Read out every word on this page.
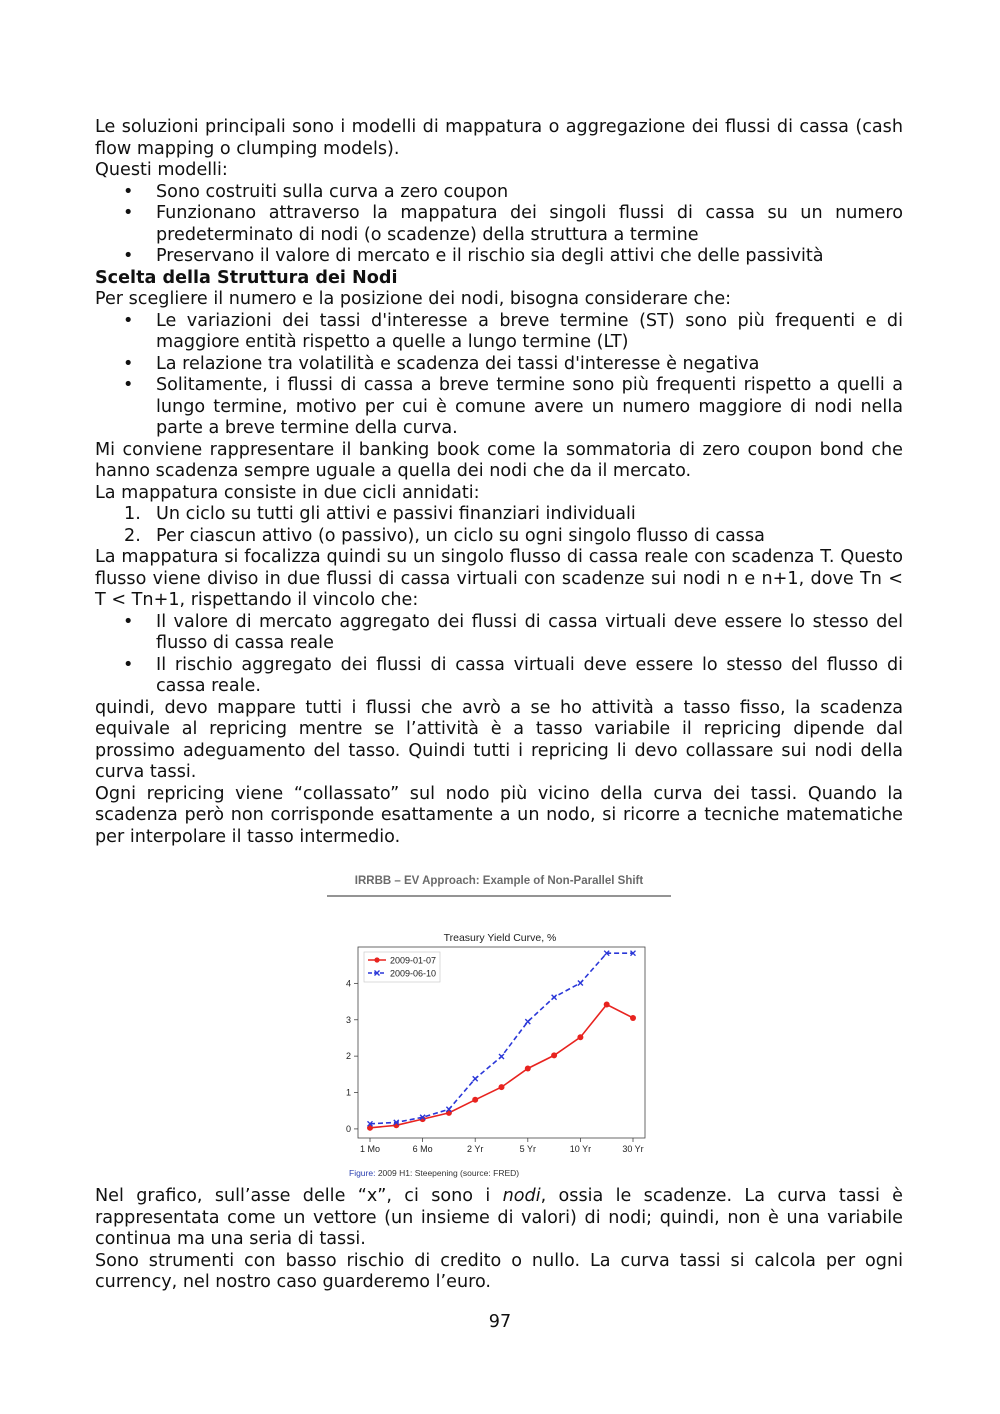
Le soluzioni principali sono i modelli di mappatura o aggregazione dei flussi di cassa (cash flow mapping o clumping models).

Questi modelli:

• Sono costruiti sulla curva a zero coupon
• Funzionano attraverso la mappatura dei singoli flussi di cassa su un numero predeterminato di nodi (o scadenze) della struttura a termine
• Preservano il valore di mercato e il rischio sia degli attivi che delle passività
Scelta della Struttura dei Nodi

Per scegliere il numero e la posizione dei nodi, bisogna considerare che:

• Le variazioni dei tassi d'interesse a breve termine (ST) sono più frequenti e di maggiore entità rispetto a quelle a lungo termine (LT)
• La relazione tra volatilità e scadenza dei tassi d'interesse è negativa
• Solitamente, i flussi di cassa a breve termine sono più frequenti rispetto a quelli a lungo termine, motivo per cui è comune avere un numero maggiore di nodi nella parte a breve termine della curva.

Mi conviene rappresentare il banking book come la sommatoria di zero coupon bond che hanno scadenza sempre uguale a quella dei nodi che da il mercato.

La mappatura consiste in due cicli annidati:

1. Un ciclo su tutti gli attivi e passivi finanziari individuali
2. Per ciascun attivo (o passivo), un ciclo su ogni singolo flusso di cassa

La mappatura si focalizza quindi su un singolo flusso di cassa reale con scadenza T. Questo flusso viene diviso in due flussi di cassa virtuali con scadenze sui nodi n e n+1, dove Tn < T < Tn+1, rispettando il vincolo che:

• Il valore di mercato aggregato dei flussi di cassa virtuali deve essere lo stesso del flusso di cassa reale
• Il rischio aggregato dei flussi di cassa virtuali deve essere lo stesso del flusso di cassa reale.

quindi, devo mappare tutti i flussi che avrò a se ho attività a tasso fisso, la scadenza equivale al repricing mentre se l’attività è a tasso variabile il repricing dipende dal prossimo adeguamento del tasso. Quindi tutti i repricing li devo collassare sui nodi della curva tassi.

Ogni repricing viene “collassato” sul nodo più vicino della curva dei tassi. Quando la scadenza però non corrisponde esattamente a un nodo, si ricorre a tecniche matematiche per interpolare il tasso intermedio.

IRRBB – EV Approach: Example of Non-Parallel Shift
Treasury Yield Curve, %
0
1
2
3
4
1 Mo	6 Mo	2 Yr	5 Yr	10 Yr	30 Yr
2009-01-07
2009-06-10
Figure: 2009 H1: Steepening (source: FRED)

Nel grafico, sull’asse delle “x”, ci sono i nodi, ossia le scadenze. La curva tassi è rappresentata come un vettore (un insieme di valori) di nodi; quindi, non è una variabile continua ma una seria di tassi.

Sono strumenti con basso rischio di credito o nullo. La curva tassi si calcola per ogni currency, nel nostro caso guarderemo l’euro.

97
